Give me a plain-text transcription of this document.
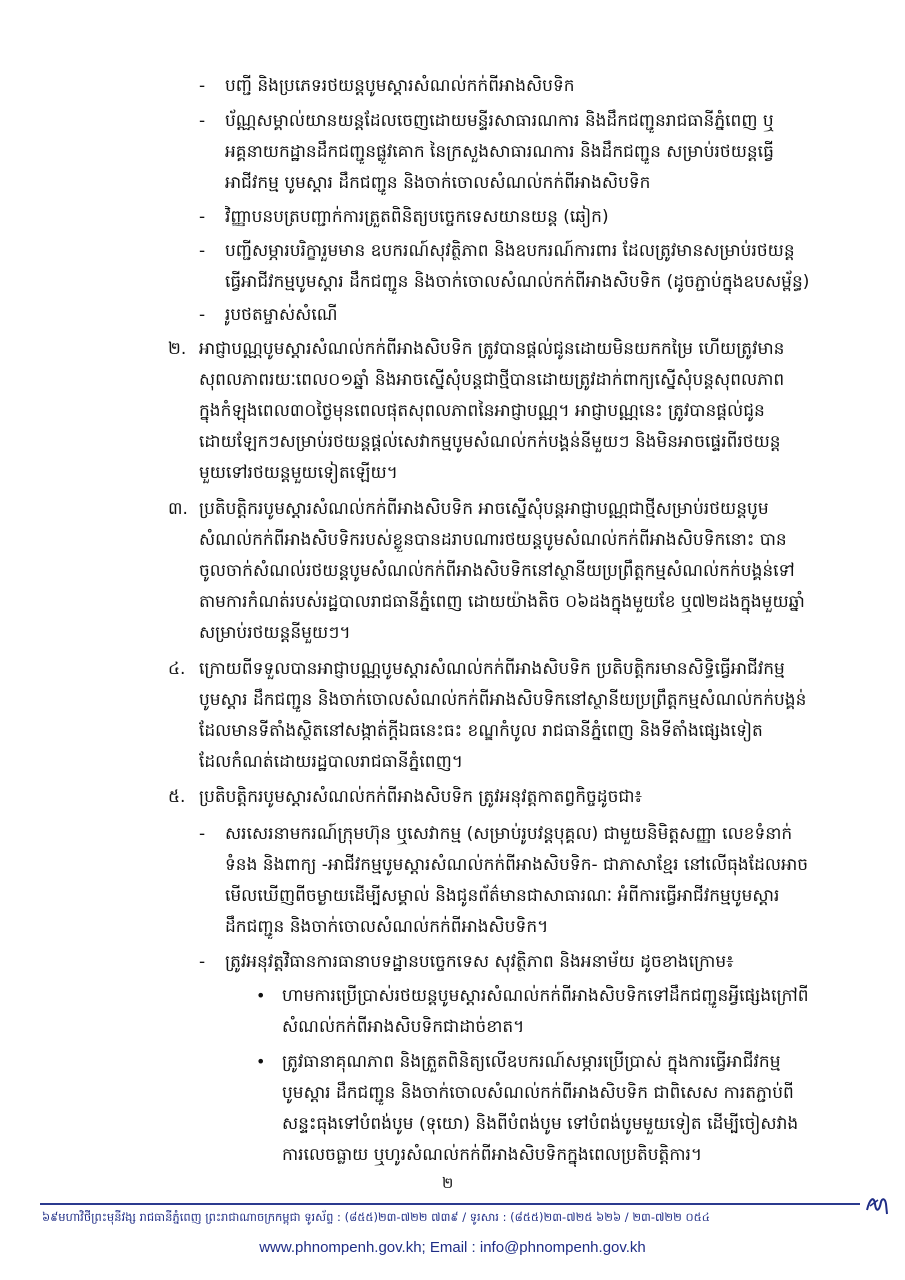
- បញ្ជី និងប្រភេទរថយន្តបូមស្តារសំណល់កក់ពីអាងសិបទិក

- ប័ណ្ណសម្គាល់យានយន្តដែលចេញដោយមន្ទីរសាធារណការ និងដឹកជញ្ជូនរាជធានីភ្នំពេញ ឬ

អគ្គនាយកដ្ឋានដឹកជញ្ជូនផ្លូវគោក នៃក្រសួងសាធារណការ និងដឹកជញ្ជូន សម្រាប់រថយន្តធ្វើ

អាជីវកម្ម បូមស្តារ ដឹកជញ្ជូន និងចាក់ចោលសំណល់កក់ពីអាងសិបទិក

- វិញ្ញាបនបត្របញ្ជាក់ការត្រួតពិនិត្យបច្ចេកទេសយានយន្ត (ឆៀក)

- បញ្ជីសម្ភារបរិក្ខារួមមាន ឧបករណ៍សុវត្ថិភាព និងឧបករណ៍ការពារ ដែលត្រូវមានសម្រាប់រថយន្ត

ធ្វើអាជីវកម្មបូមស្តារ ដឹកជញ្ជូន និងចាក់ចោលសំណល់កក់ពីអាងសិបទិក (ដូចភ្ជាប់ក្នុងឧបសម្ព័ន្ធ)

- រូបថតម្ចាស់សំណើ

២. អាជ្ញាបណ្ណបូមស្តារសំណល់កក់ពីអាងសិបទិក ត្រូវបានផ្តល់ជូនដោយមិនយកកម្រៃ ហើយត្រូវមាន

សុពលភាពរយៈពេល០១ឆ្នាំ និងអាចស្នើសុំបន្តជាថ្មីបានដោយត្រូវដាក់ពាក្យស្នើសុំបន្តសុពលភាព

ក្នុងកំឡុងពេល៣០ថ្ងៃមុនពេលផុតសុពលភាពនៃអាជ្ញាបណ្ណ។ អាជ្ញាបណ្ណនេះ ត្រូវបានផ្តល់ជូន

ដោយឡែកៗសម្រាប់រថយន្តផ្តល់សេវាកម្មបូមសំណល់កក់បង្គន់នីមួយៗ និងមិនអាចផ្ទេរពីរថយន្ត

មួយទៅរថយន្តមួយទៀតឡើយ។

៣. ប្រតិបត្តិករបូមស្តារសំណល់កក់ពីអាងសិបទិក អាចស្នើសុំបន្តអាជ្ញាបណ្ណជាថ្មីសម្រាប់រថយន្តបូម

សំណល់កក់ពីអាងសិបទិករបស់ខ្លួនបានដរាបណារថយន្តបូមសំណល់កក់ពីអាងសិបទិកនោះ បាន

ចូលចាក់សំណល់រថយន្តបូមសំណល់កក់ពីអាងសិបទិកនៅស្ថានីយប្រព្រឹត្តកម្មសំណល់កក់បង្គន់ទៅ

តាមការកំណត់របស់រដ្ឋបាលរាជធានីភ្នំពេញ ដោយយ៉ាងតិច ០៦ដងក្នុងមួយខែ ឬ៧២ដងក្នុងមួយឆ្នាំ

សម្រាប់រថយន្តនីមួយៗ។

៤. ក្រោយពីទទួលបានអាជ្ញាបណ្ណបូមស្តារសំណល់កក់ពីអាងសិបទិក ប្រតិបត្តិករមានសិទ្ធិធ្វើអាជីវកម្ម

បូមស្តារ ដឹកជញ្ជូន និងចាក់ចោលសំណល់កក់ពីអាងសិបទិកនៅស្ថានីយប្រព្រឹត្តកម្មសំណល់កក់បង្គន់

ដែលមានទីតាំងស្ថិតនៅសង្កាត់ក្តីឯធនេះធះ ខណ្ឌកំបូល រាជធានីភ្នំពេញ និងទីតាំងផ្សេងទៀត

ដែលកំណត់ដោយរដ្ឋបាលរាជធានីភ្នំពេញ។

៥. ប្រតិបត្តិករបូមស្តារសំណល់កក់ពីអាងសិបទិក ត្រូវអនុវត្តកាតព្វកិច្ចដូចជា៖

- សរសេរនាមករណ៍ក្រុមហ៊ុន ឬសេវាកម្ម (សម្រាប់រូបវន្តបុគ្គល) ជាមួយនិមិត្តសញ្ញា លេខទំនាក់

ទំនង និងពាក្យ -អាជីវកម្មបូមស្តារសំណល់កក់ពីអាងសិបទិក- ជាភាសាខ្មែរ នៅលើធុងដែលអាច

មើលឃើញពីចម្ងាយដើម្បីសម្គាល់ និងជូនព័ត៌មានជាសាធារណៈ អំពីការធ្វើអាជីវកម្មបូមស្តារ

ដឹកជញ្ជូន និងចាក់ចោលសំណល់កក់ពីអាងសិបទិក។

- ត្រូវអនុវត្តវិធានការធានាបទដ្ឋានបច្ចេកទេស សុវត្ថិភាព និងអនាម័យ ដូចខាងក្រោម៖

• ហាមការប្រើប្រាស់រថយន្តបូមស្តារសំណល់កក់ពីអាងសិបទិកទៅដឹកជញ្ជូនអ្វីផ្សេងក្រៅពី

សំណល់កក់ពីអាងសិបទិកជាដាច់ខាត។

• ត្រូវធានាគុណភាព និងត្រួតពិនិត្យលើឧបករណ៍សម្ភារប្រើប្រាស់ ក្នុងការធ្វើអាជីវកម្ម

បូមស្តារ ដឹកជញ្ជូន និងចាក់ចោលសំណល់កក់ពីអាងសិបទិក ជាពិសេស ការតភ្ជាប់ពី

សន្ទះធុងទៅបំពង់បូម (ទុយោ) និងពីបំពង់បូម ទៅបំពង់បូមមួយទៀត ដើម្បីចៀសវាង

ការលេចធ្លាយ ឬហូរសំណល់កក់ពីអាងសិបទិកក្នុងពេលប្រតិបត្តិការ។

២
៦៩មហាវិថីព្រះមុនីវង្ស រាជធានីភ្នំពេញ ព្រះរាជាណាចក្រកម្ពុជា ទូរស័ព្ទ : (៨៥៥)២៣-៧២២ ៧៣៩ / ទូរសារ : (៨៥៥)២៣-៧២៥ ៦២៦ / ២៣-៧២២ ០៥៤
www.phnompenh.gov.kh; Email : info@phnompenh.gov.kh
